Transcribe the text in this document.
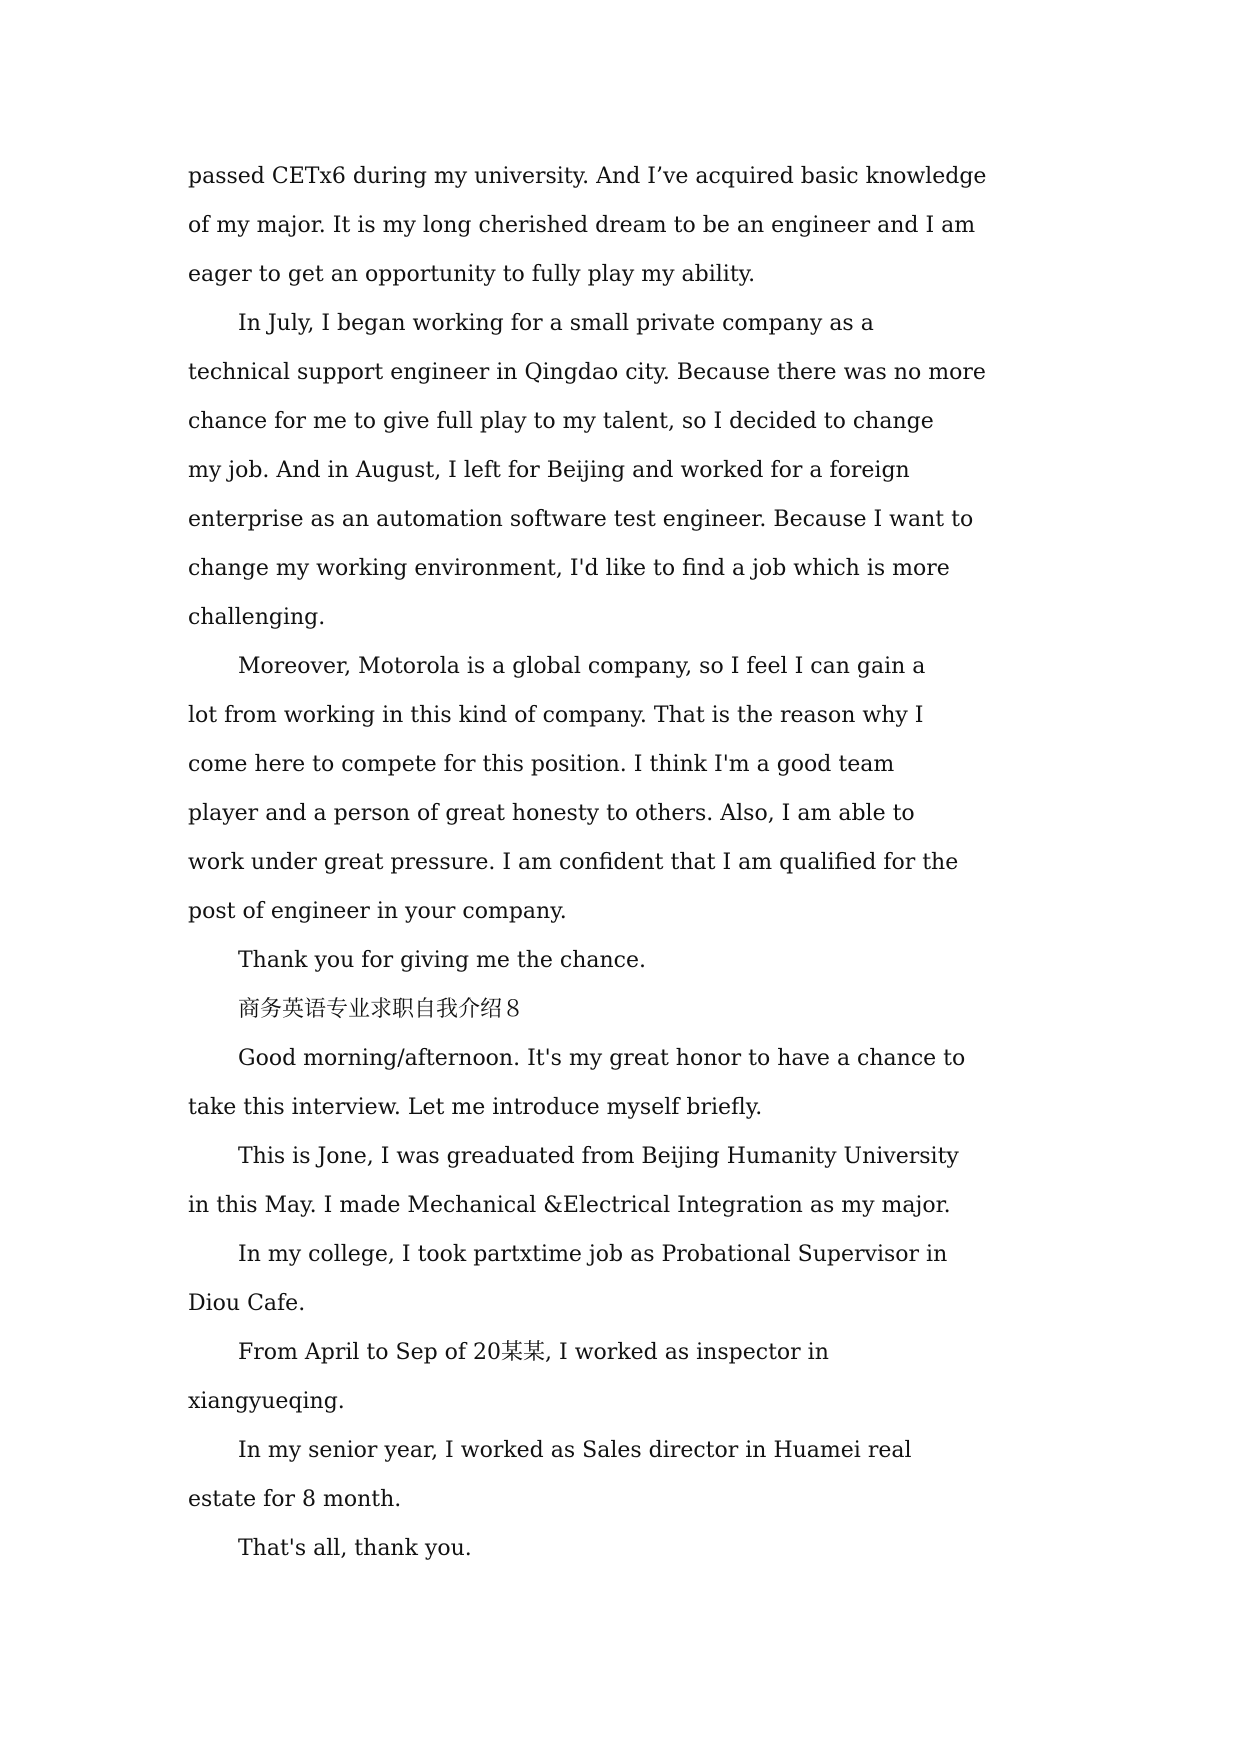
passed CETx6 during my university. And I’ve acquired basic knowledge
of my major. It is my long cherished dream to be an engineer and I am
eager to get an opportunity to fully play my ability.
In July, I began working for a small private company as a
technical support engineer in Qingdao city. Because there was no more
chance for me to give full play to my talent, so I decided to change
my job. And in August, I left for Beijing and worked for a foreign
enterprise as an automation software test engineer. Because I want to
change my working environment, I'd like to find a job which is more
challenging.
Moreover, Motorola is a global company, so I feel I can gain a
lot from working in this kind of company. That is the reason why I
come here to compete for this position. I think I'm a good team
player and a person of great honesty to others. Also, I am able to
work under great pressure. I am confident that I am qualified for the
post of engineer in your company.
Thank you for giving me the chance.
商务英语专业求职自我介绍８
Good morning/afternoon. It's my great honor to have a chance to
take this interview. Let me introduce myself briefly.
This is Jone, I was greaduated from Beijing Humanity University
in this May. I made Mechanical &Electrical Integration as my major.
In my college, I took partxtime job as Probational Supervisor in
Diou Cafe.
From April to Sep of 20某某, I worked as inspector in
xiangyueqing.
In my senior year, I worked as Sales director in Huamei real
estate for 8 month.
That's all, thank you.
